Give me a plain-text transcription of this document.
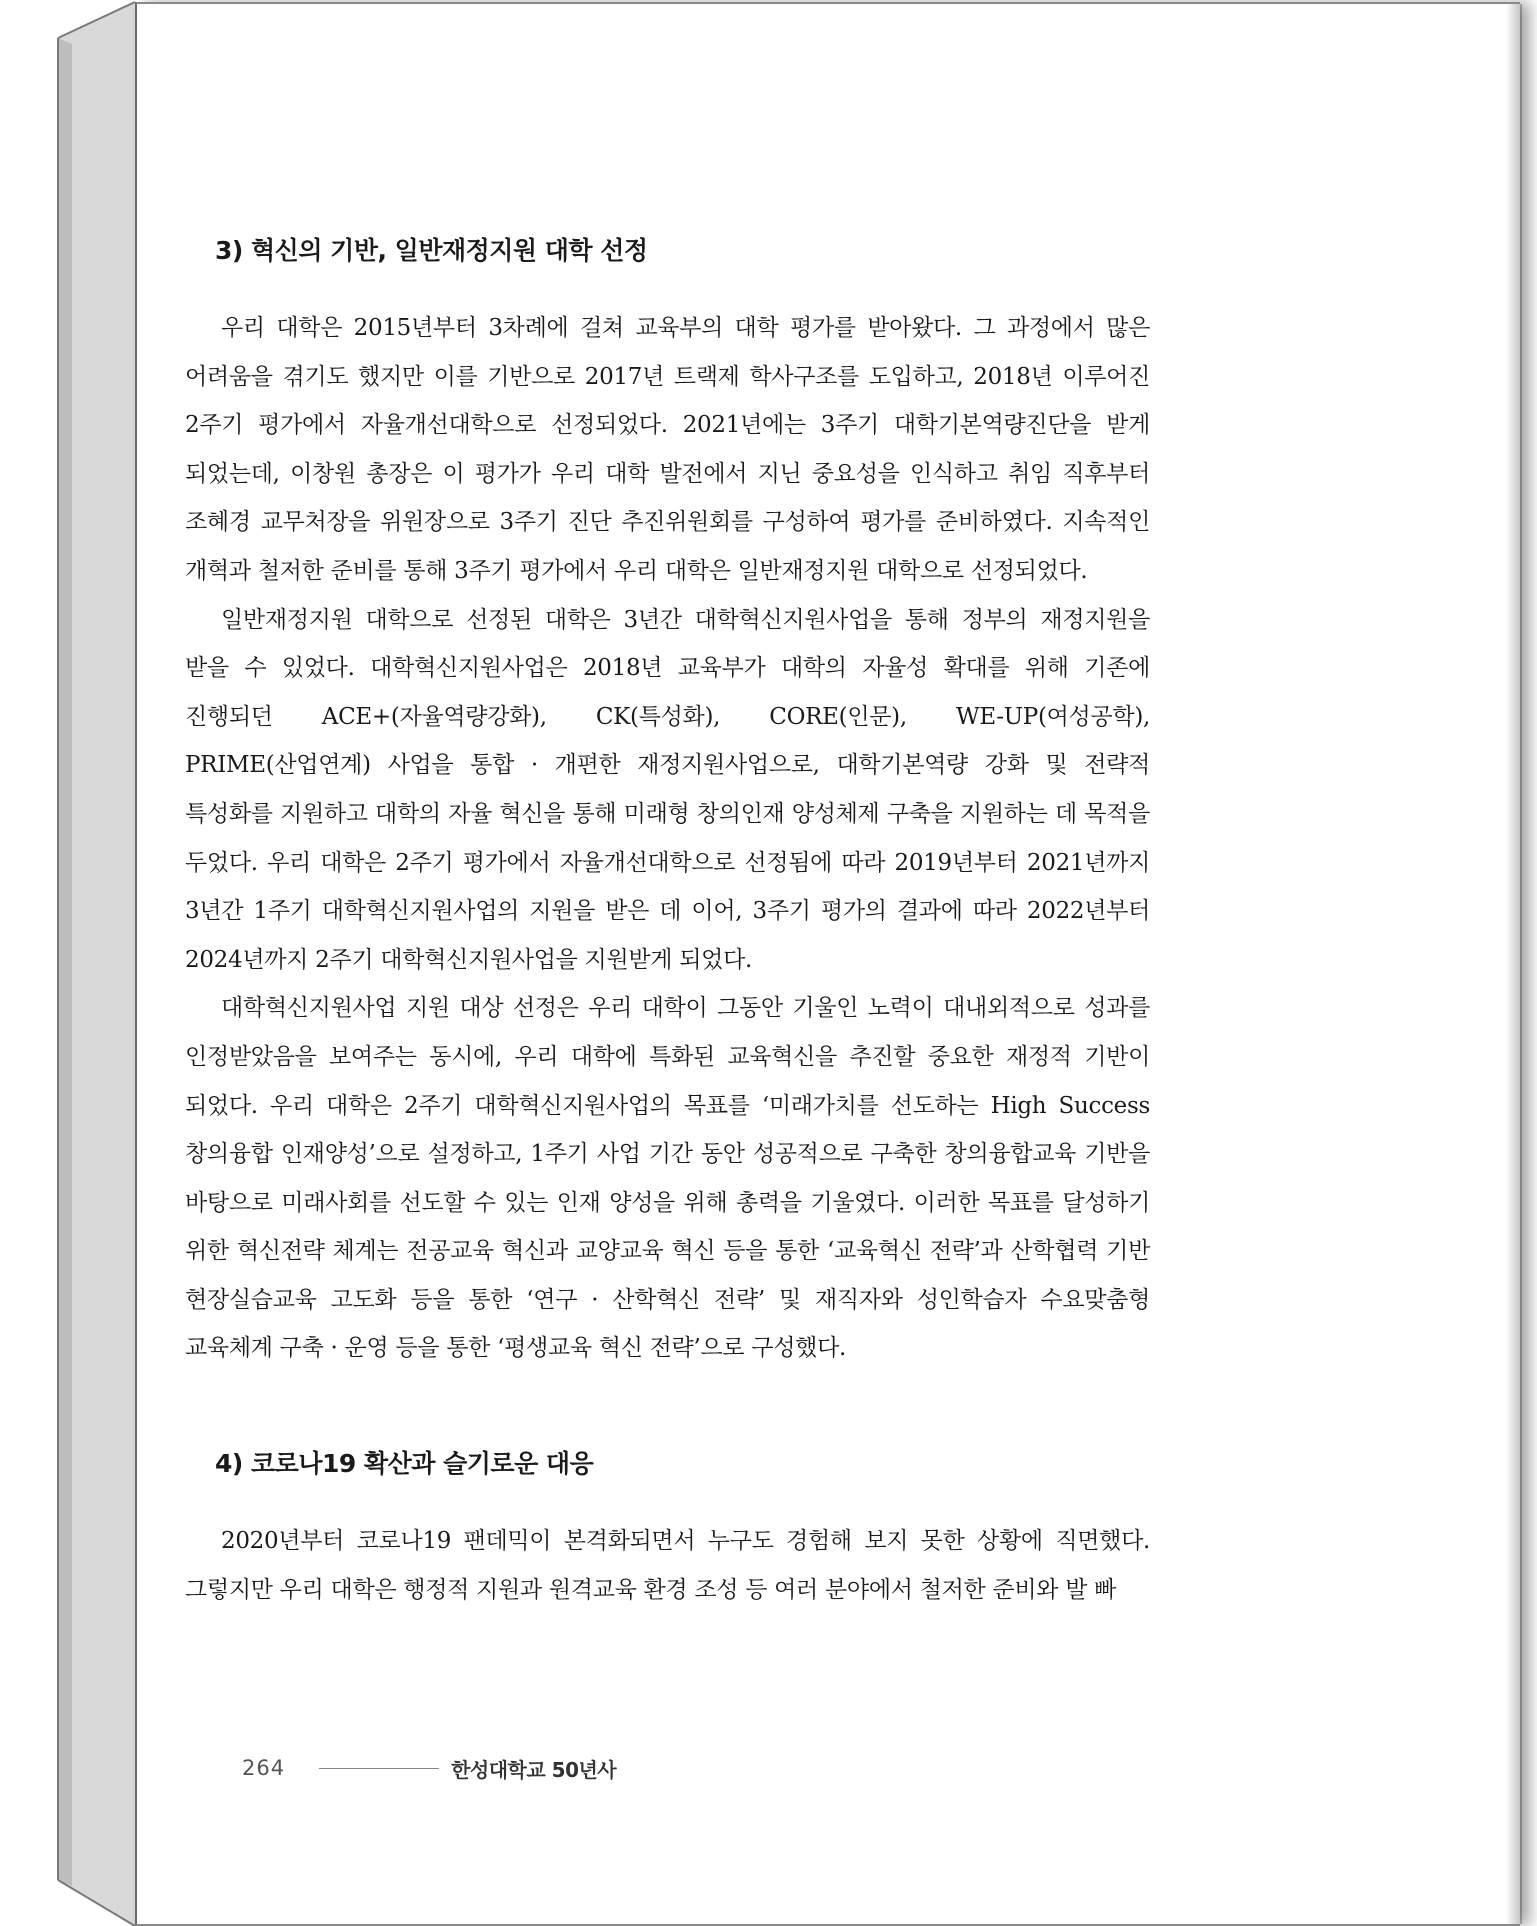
3) 혁신의 기반, 일반재정지원 대학 선정

우리 대학은 2015년부터 3차례에 걸쳐 교육부의 대학 평가를 받아왔다. 그 과정에서 많은 어려움을 겪기도 했지만 이를 기반으로 2017년 트랙제 학사구조를 도입하고, 2018년 이루어진 2주기 평가에서 자율개선대학으로 선정되었다. 2021년에는 3주기 대학기본역량진단을 받게 되었는데, 이창원 총장은 이 평가가 우리 대학 발전에서 지닌 중요성을 인식하고 취임 직후부터 조혜경 교무처장을 위원장으로 3주기 진단 추진위원회를 구성하여 평가를 준비하였다. 지속적인 개혁과 철저한 준비를 통해 3주기 평가에서 우리 대학은 일반재정지원 대학으로 선정되었다.

일반재정지원 대학으로 선정된 대학은 3년간 대학혁신지원사업을 통해 정부의 재정지원을 받을 수 있었다. 대학혁신지원사업은 2018년 교육부가 대학의 자율성 확대를 위해 기존에 진행되던 ACE+(자율역량강화), CK(특성화), CORE(인문), WE-UP(여성공학), PRIME(산업연계) 사업을 통합 · 개편한 재정지원사업으로, 대학기본역량 강화 및 전략적 특성화를 지원하고 대학의 자율 혁신을 통해 미래형 창의인재 양성체제 구축을 지원하는 데 목적을 두었다. 우리 대학은 2주기 평가에서 자율개선대학으로 선정됨에 따라 2019년부터 2021년까지 3년간 1주기 대학혁신지원사업의 지원을 받은 데 이어, 3주기 평가의 결과에 따라 2022년부터 2024년까지 2주기 대학혁신지원사업을 지원받게 되었다.

대학혁신지원사업 지원 대상 선정은 우리 대학이 그동안 기울인 노력이 대내외적으로 성과를 인정받았음을 보여주는 동시에, 우리 대학에 특화된 교육혁신을 추진할 중요한 재정적 기반이 되었다. 우리 대학은 2주기 대학혁신지원사업의 목표를 ‘미래가치를 선도하는 High Success 창의융합 인재양성’으로 설정하고, 1주기 사업 기간 동안 성공적으로 구축한 창의융합교육 기반을 바탕으로 미래사회를 선도할 수 있는 인재 양성을 위해 총력을 기울였다. 이러한 목표를 달성하기 위한 혁신전략 체계는 전공교육 혁신과 교양교육 혁신 등을 통한 ‘교육혁신 전략’과 산학협력 기반 현장실습교육 고도화 등을 통한 ‘연구 · 산학혁신 전략’ 및 재직자와 성인학습자 수요맞춤형 교육체계 구축 · 운영 등을 통한 ‘평생교육 혁신 전략’으로 구성했다.

4) 코로나19 확산과 슬기로운 대응

2020년부터 코로나19 팬데믹이 본격화되면서 누구도 경험해 보지 못한 상황에 직면했다. 그렇지만 우리 대학은 행정적 지원과 원격교육 환경 조성 등 여러 분야에서 철저한 준비와 발 빠

264	한성대학교 50년사
